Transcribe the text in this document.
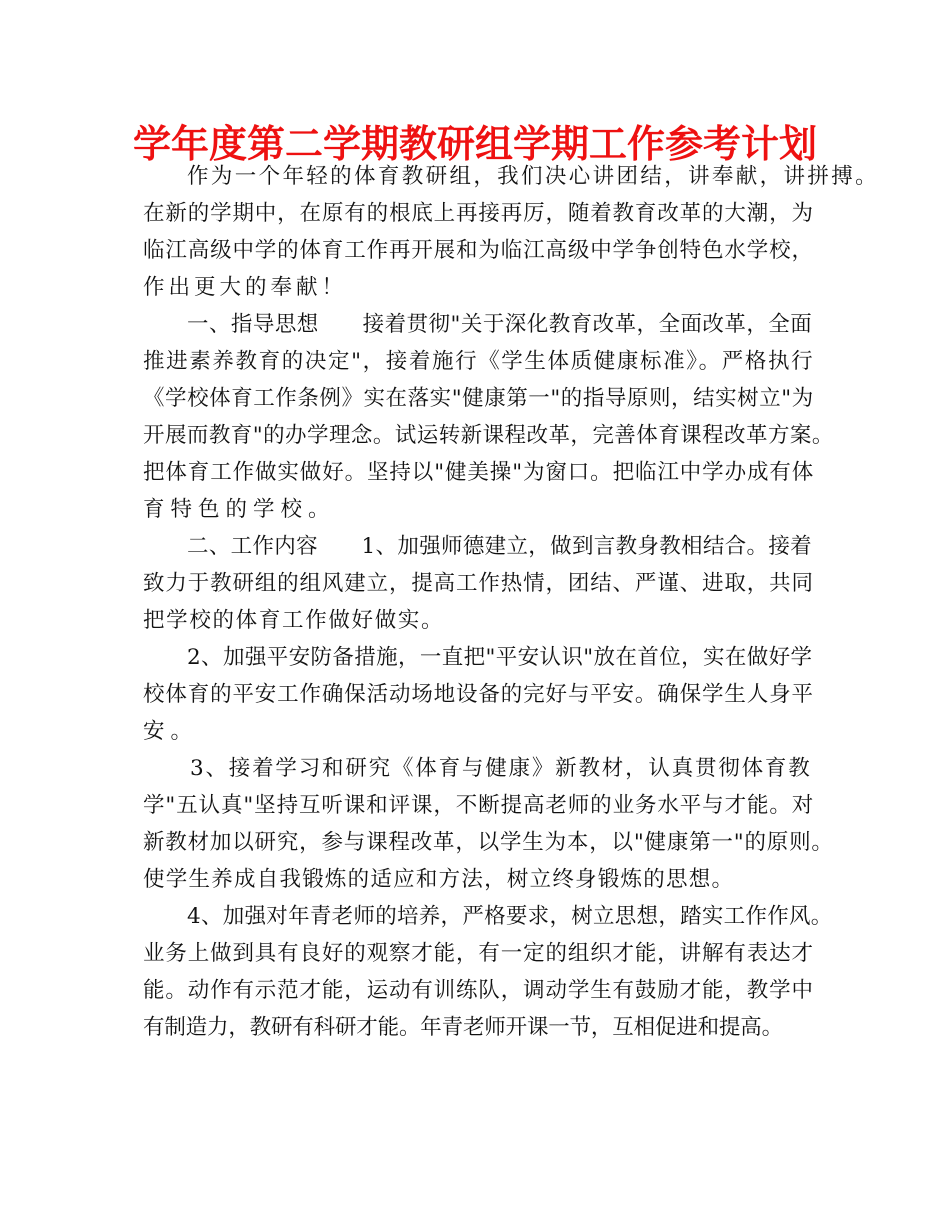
学年度第二学期教研组学期工作参考计划
作为一个年轻的体育教研组，我们决心讲团结，讲奉献，讲拼搏。
在新的学期中，在原有的根底上再接再厉，随着教育改革的大潮，为
临江高级中学的体育工作再开展和为临江高级中学争创特色水学校，
作出更大的奉献！
一、指导思想　　接着贯彻"关于深化教育改革，全面改革，全面
推进素养教育的决定"，接着施行《学生体质健康标准》。严格执行
《学校体育工作条例》实在落实"健康第一"的指导原则，结实树立"为
开展而教育"的办学理念。试运转新课程改革，完善体育课程改革方案。
把体育工作做实做好。坚持以"健美操"为窗口。把临江中学办成有体
育特色的学校。
二、工作内容　　1、加强师德建立，做到言教身教相结合。接着
致力于教研组的组风建立，提高工作热情，团结、严谨、进取，共同
把学校的体育工作做好做实。
2、加强平安防备措施，一直把"平安认识"放在首位，实在做好学
校体育的平安工作确保活动场地设备的完好与平安。确保学生人身平
安。
3、接着学习和研究《体育与健康》新教材，认真贯彻体育教
学"五认真"坚持互听课和评课，不断提高老师的业务水平与才能。对
新教材加以研究，参与课程改革，以学生为本，以"健康第一"的原则。
使学生养成自我锻炼的适应和方法，树立终身锻炼的思想。
4、加强对年青老师的培养，严格要求，树立思想，踏实工作作风。
业务上做到具有良好的观察才能，有一定的组织才能，讲解有表达才
能。动作有示范才能，运动有训练队，调动学生有鼓励才能，教学中
有制造力，教研有科研才能。年青老师开课一节，互相促进和提高。
